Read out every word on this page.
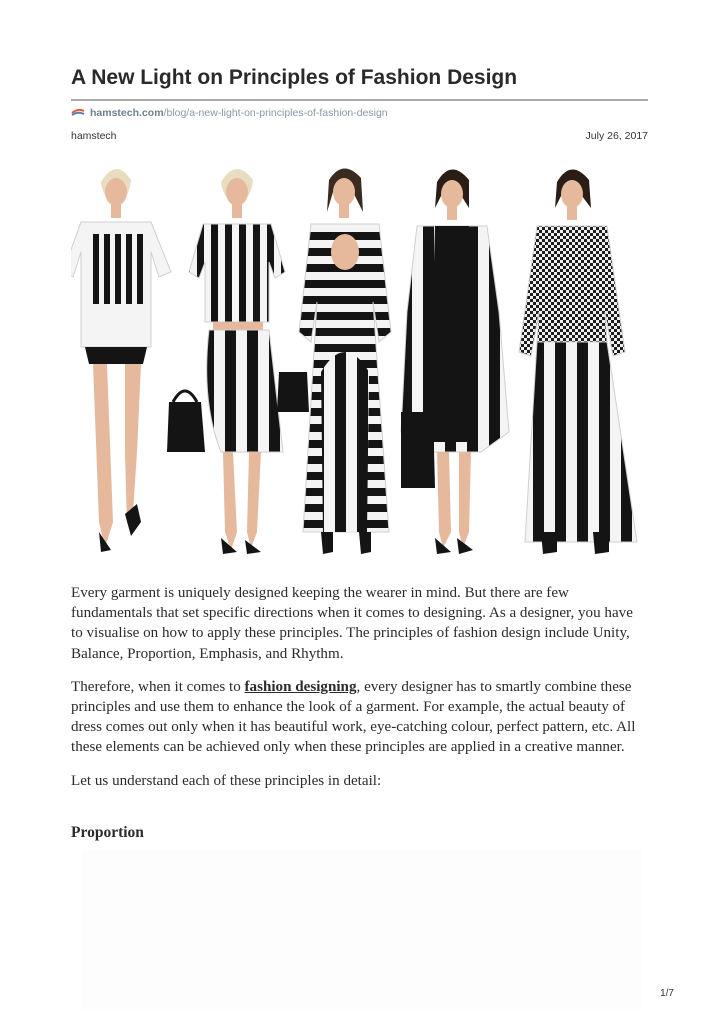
A New Light on Principles of Fashion Design
hamstech.com /blog/a-new-light-on-principles-of-fashion-design
hamstech	July 26, 2017

Every garment is uniquely designed keeping the wearer in mind. But there are few fundamentals that set specific directions when it comes to designing. As a designer, you have to visualise on how to apply these principles. The principles of fashion design include Unity, Balance, Proportion, Emphasis, and Rhythm.

Therefore, when it comes to fashion designing, every designer has to smartly combine these principles and use them to enhance the look of a garment. For example, the actual beauty of dress comes out only when it has beautiful work, eye-catching colour, perfect pattern, etc. All these elements can be achieved only when these principles are applied in a creative manner.

Let us understand each of these principles in detail:

Proportion
1/7
